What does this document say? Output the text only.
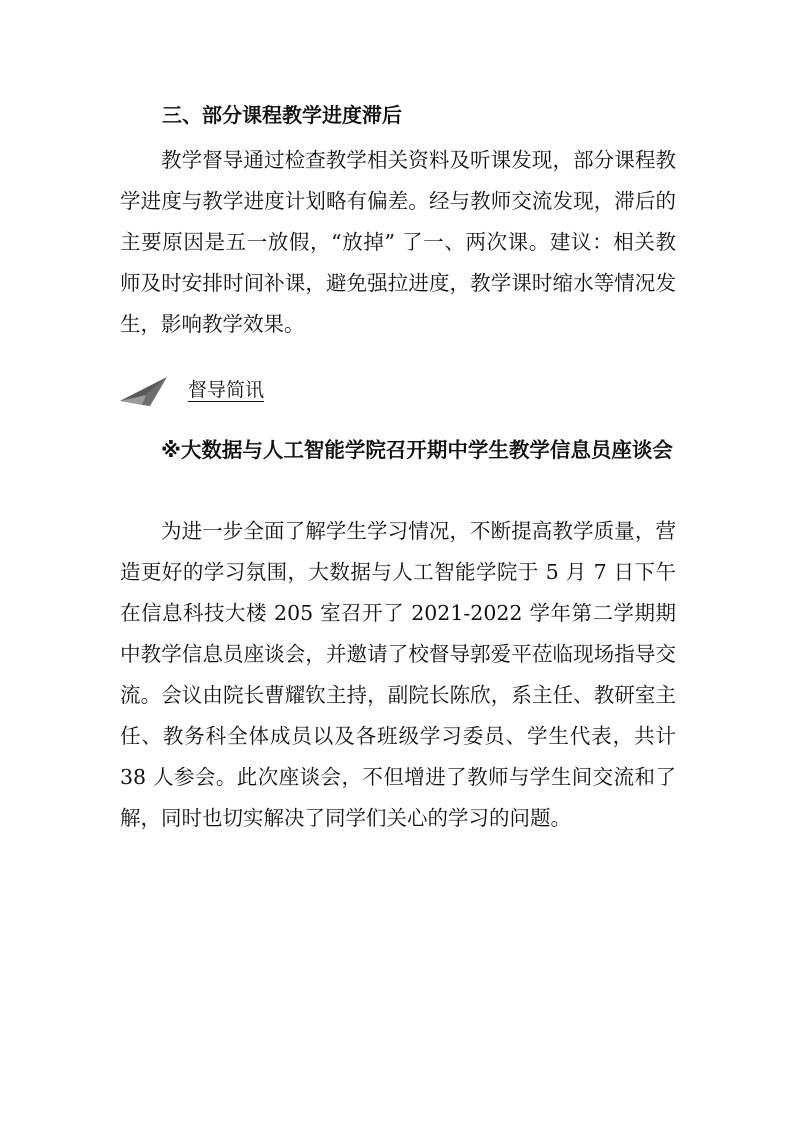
三、部分课程教学进度滞后

教学督导通过检查教学相关资料及听课发现，部分课程教学进度与教学进度计划略有偏差。经与教师交流发现，滞后的主要原因是五一放假，“放掉” 了一、两次课。建议：相关教师及时安排时间补课，避免强拉进度，教学课时缩水等情况发生，影响教学效果。

督导简讯

※大数据与人工智能学院召开期中学生教学信息员座谈会

为进一步全面了解学生学习情况，不断提高教学质量，营造更好的学习氛围，大数据与人工智能学院于 5 月 7 日下午在信息科技大楼 205 室召开了 2021-2022 学年第二学期期中教学信息员座谈会，并邀请了校督导郭爱平莅临现场指导交流。会议由院长曹耀钦主持，副院长陈欣，系主任、教研室主任、教务科全体成员以及各班级学习委员、学生代表，共计 38 人参会。此次座谈会，不但增进了教师与学生间交流和了解，同时也切实解决了同学们关心的学习的问题。
